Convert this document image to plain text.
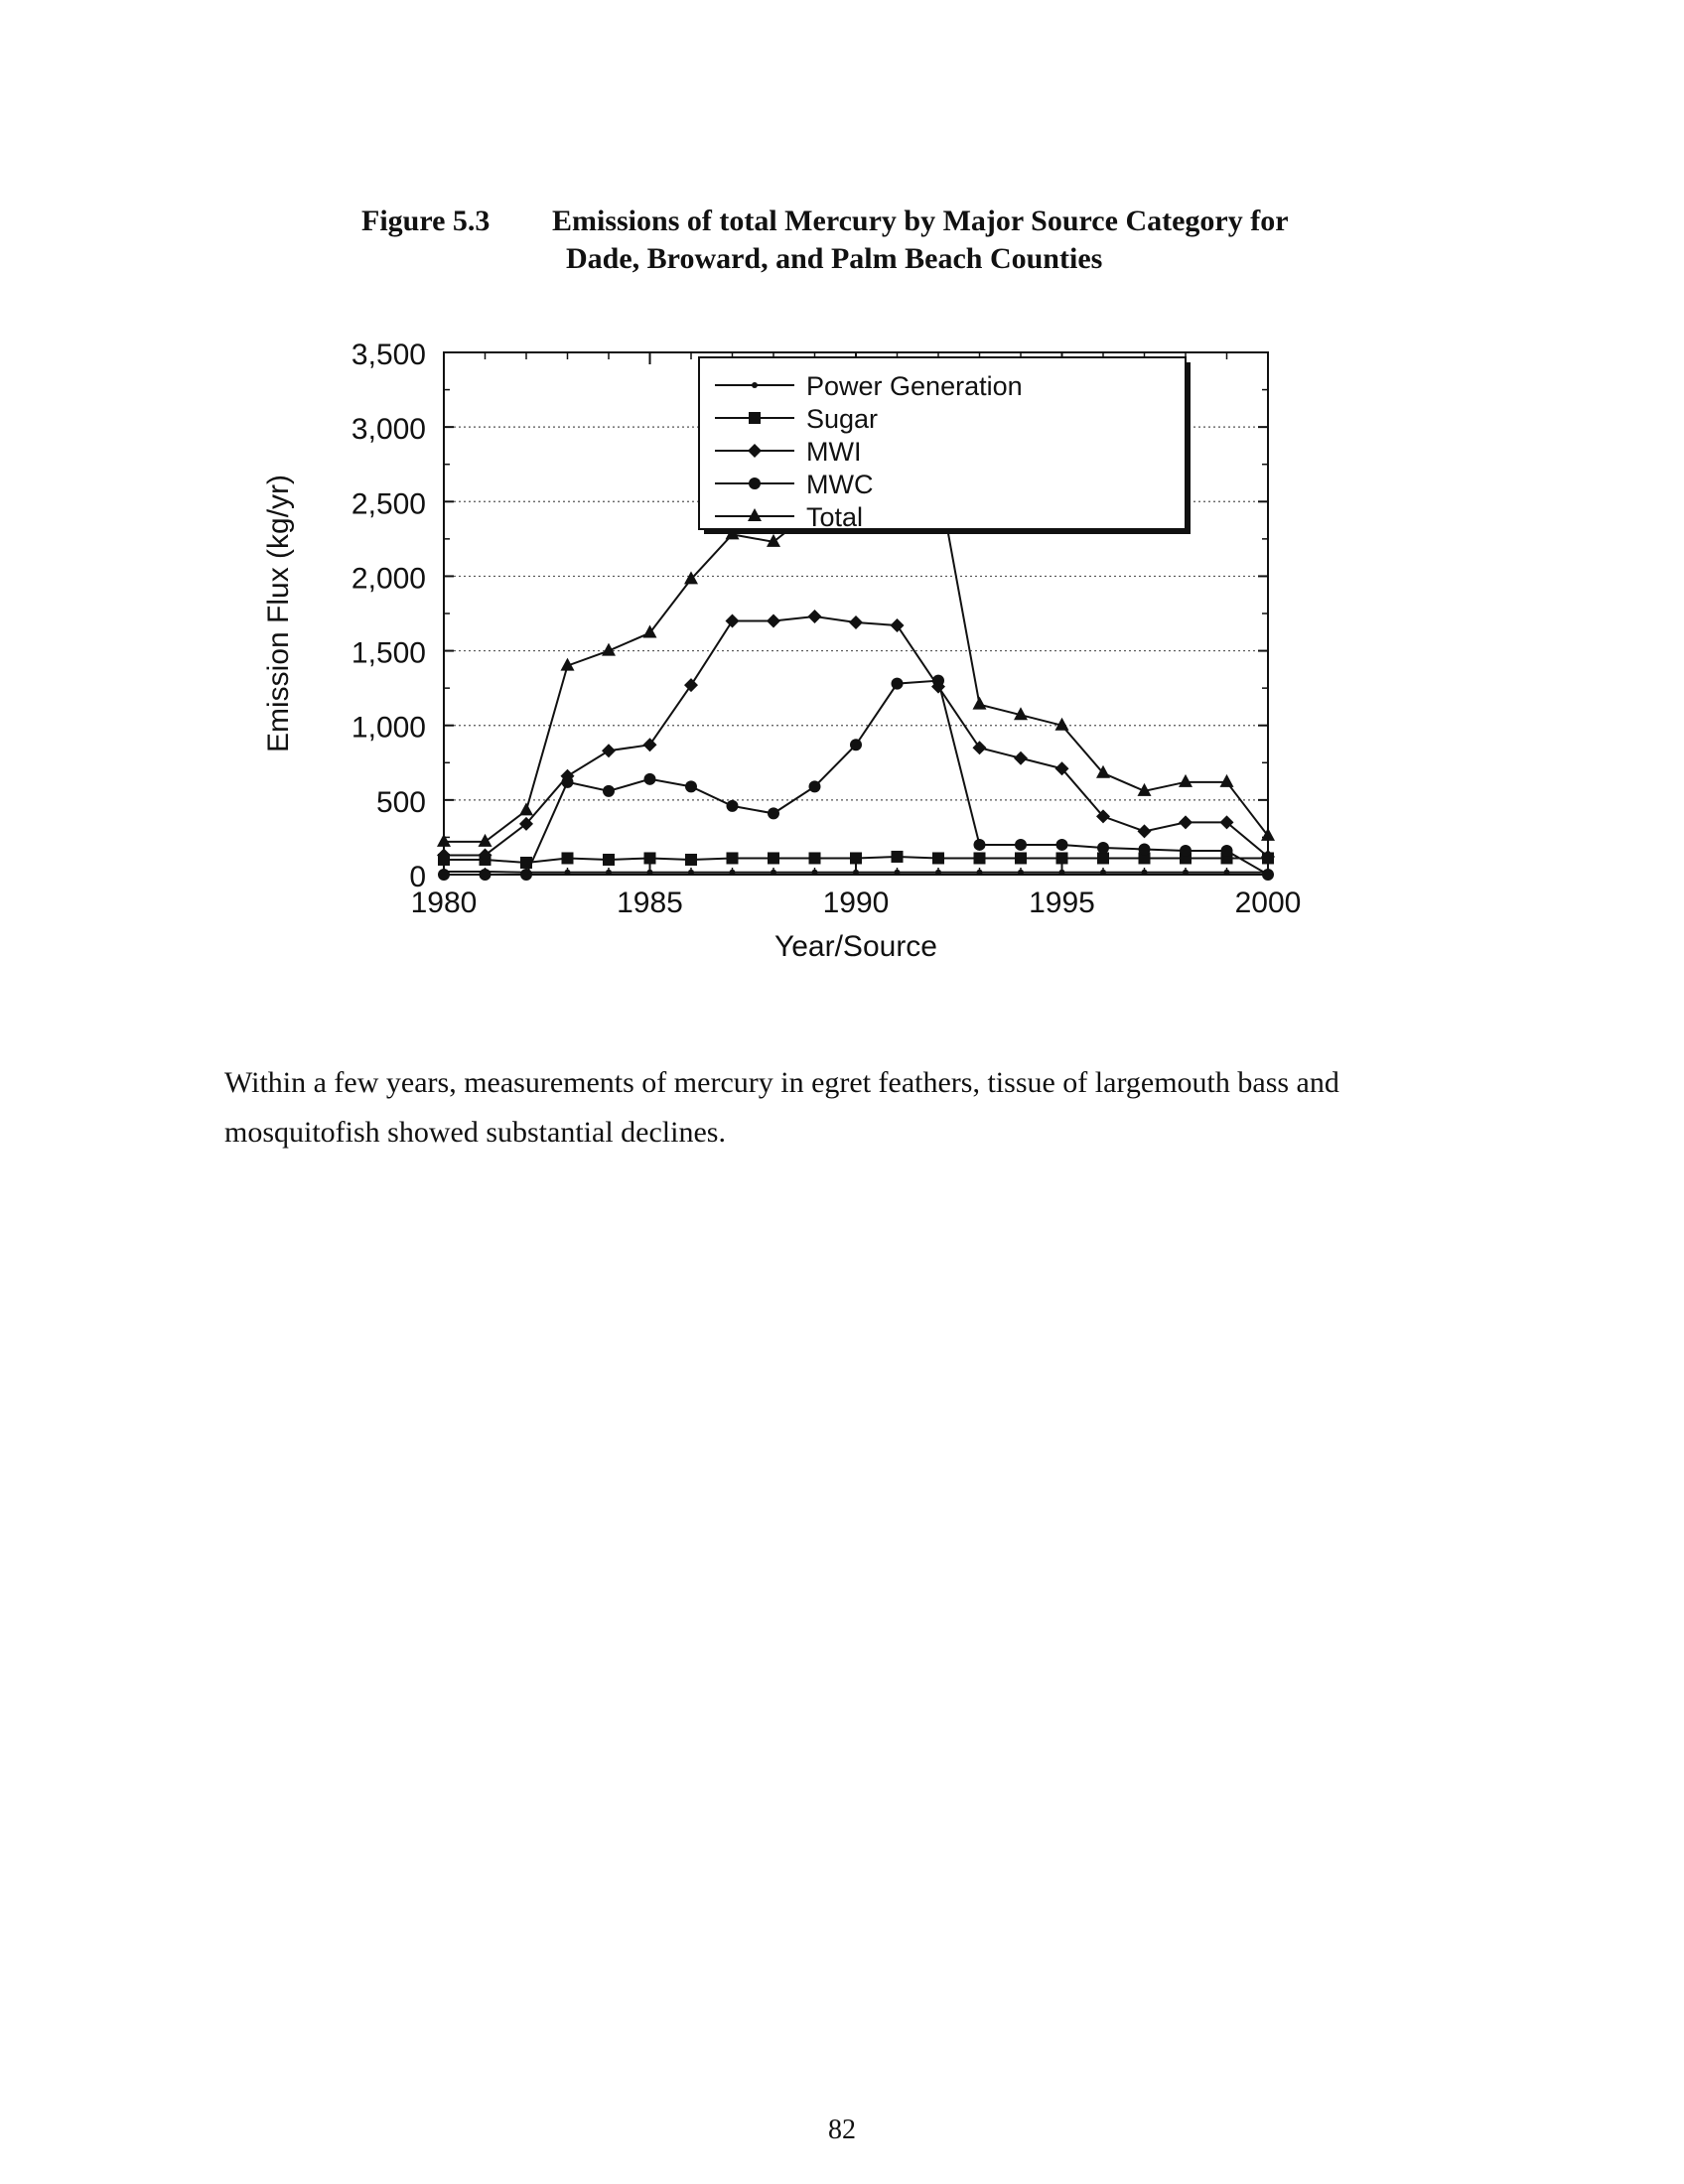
Figure 5.3 Emissions of total Mercury by Major Source Category for
Dade, Broward, and Palm Beach Counties
0
500
1,000
1,500
2,000
2,500
3,000
3,500
1980	1985	1990	1995	2000
Year/Source
Emission Flux (kg/yr)
Power Generation
Sugar
MWI
MWC
Total
Within a few years, measurements of mercury in egret feathers, tissue of largemouth bass and mosquitofish showed substantial declines.
82
